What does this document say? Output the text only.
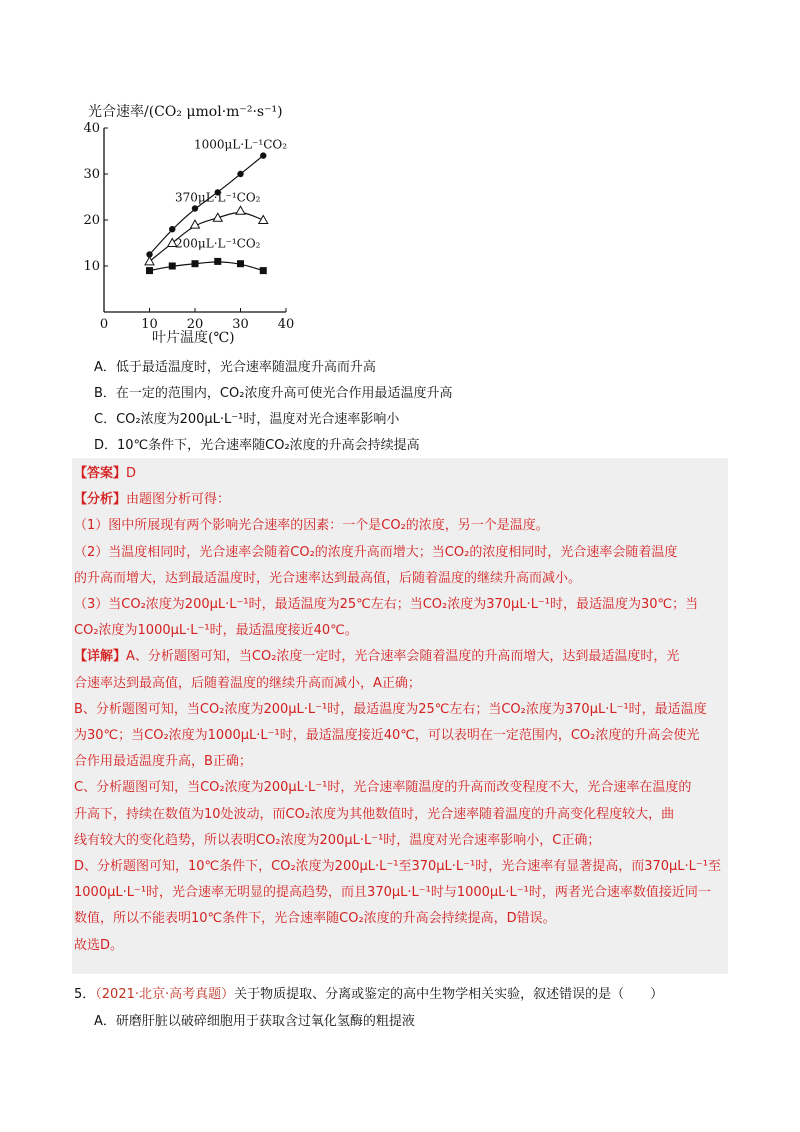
光合速率/(CO₂ μmol·m⁻²·s⁻¹)
0	10 20 30 40
10
20
30
40
1000μL·L⁻¹CO₂
370μL·L⁻¹CO₂
200μL·L⁻¹CO₂
叶片温度(℃)
A．低于最适温度时，光合速率随温度升高而升高
B．在一定的范围内，CO₂浓度升高可使光合作用最适温度升高
C．CO₂浓度为200μL·L⁻¹时，温度对光合速率影响小
D．10℃条件下，光合速率随CO₂浓度的升高会持续提高
【答案】D
【分析】由题图分析可得：
（1）图中所展现有两个影响光合速率的因素：一个是CO₂的浓度，另一个是温度。
（2）当温度相同时，光合速率会随着CO₂的浓度升高而增大；当CO₂的浓度相同时，光合速率会随着温度
的升高而增大，达到最适温度时，光合速率达到最高值，后随着温度的继续升高而减小。
（3）当CO₂浓度为200μL·L⁻¹时，最适温度为25℃左右；当CO₂浓度为370μL·L⁻¹时，最适温度为30℃；当
CO₂浓度为1000μL·L⁻¹时，最适温度接近40℃。
【详解】A、分析题图可知，当CO₂浓度一定时，光合速率会随着温度的升高而增大，达到最适温度时，光
合速率达到最高值，后随着温度的继续升高而减小，A正确；
B、分析题图可知，当CO₂浓度为200μL·L⁻¹时，最适温度为25℃左右；当CO₂浓度为370μL·L⁻¹时，最适温度
为30℃；当CO₂浓度为1000μL·L⁻¹时，最适温度接近40℃，可以表明在一定范围内，CO₂浓度的升高会使光
合作用最适温度升高，B正确；
C、分析题图可知，当CO₂浓度为200μL·L⁻¹时，光合速率随温度的升高而改变程度不大，光合速率在温度的
升高下，持续在数值为10处波动，而CO₂浓度为其他数值时，光合速率随着温度的升高变化程度较大，曲
线有较大的变化趋势，所以表明CO₂浓度为200μL·L⁻¹时，温度对光合速率影响小，C正确；
D、分析题图可知，10℃条件下，CO₂浓度为200μL·L⁻¹至370μL·L⁻¹时，光合速率有显著提高，而370μL·L⁻¹至
1000μL·L⁻¹时，光合速率无明显的提高趋势，而且370μL·L⁻¹时与1000μL·L⁻¹时，两者光合速率数值接近同一
数值，所以不能表明10℃条件下，光合速率随CO₂浓度的升高会持续提高，D错误。
故选D。
5．（2021·北京·高考真题）关于物质提取、分离或鉴定的高中生物学相关实验，叙述错误的是（　　）
A．研磨肝脏以破碎细胞用于获取含过氧化氢酶的粗提液
